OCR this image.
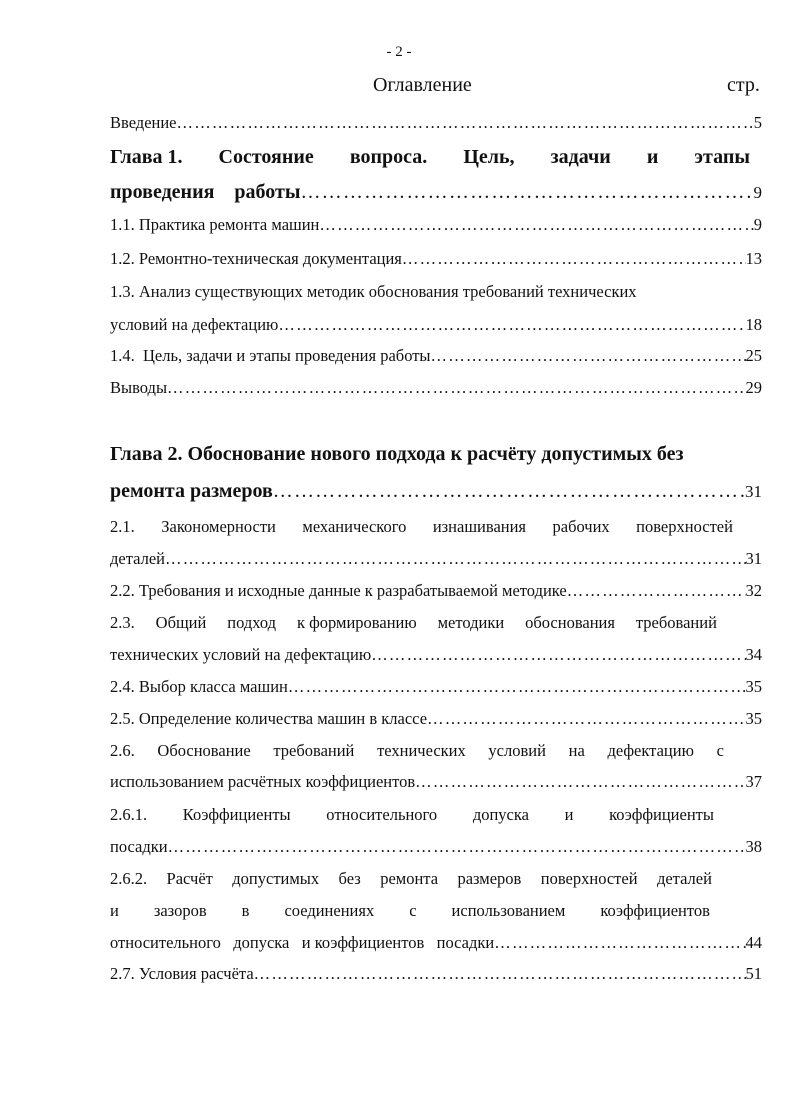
- 2 -
Оглавление	стр.
Введение …………………………………………………………………………………………………………………………………………………………………………	5
Глава 1. Состояние вопроса. Цель, задачи и этапы
проведения    работы …………………………………………………………………………………………………………………………………………………………………………	9
1.1. Практика ремонта машин …………………………………………………………………………………………………………………………………………………………………………	9
1.2. Ремонтно-техническая документация …………………………………………………………………………………………………………………………………………………………………………	13
1.3. Анализ существующих методик обоснования требований технических
условий на дефектацию …………………………………………………………………………………………………………………………………………………………………………	18
1.4.  Цель, задачи и этапы проведения работы …………………………………………………………………………………………………………………………………………………………………………	25
Выводы …………………………………………………………………………………………………………………………………………………………………………	29
Глава 2. Обоснование нового подхода к расчёту допустимых без
ремонта размеров …………………………………………………………………………………………………………………………………………………………………………	31
2.1. Закономерности механического изнашивания рабочих поверхностей
деталей …………………………………………………………………………………………………………………………………………………………………………	31
2.2. Требования и исходные данные к разрабатываемой методике …………………………………………………………………………………………………………………………………………………………………………	32
2.3. Общий подход к формированию методики обоснования требований
технических условий на дефектацию …………………………………………………………………………………………………………………………………………………………………………	34
2.4. Выбор класса машин …………………………………………………………………………………………………………………………………………………………………………	35
2.5. Определение количества машин в классе …………………………………………………………………………………………………………………………………………………………………………	35
2.6. Обоснование требований технических условий на дефектацию с
использованием расчётных коэффициентов …………………………………………………………………………………………………………………………………………………………………………	37
2.6.1. Коэффициенты относительного допуска и коэффициенты
посадки …………………………………………………………………………………………………………………………………………………………………………	38
2.6.2. Расчёт допустимых без ремонта размеров поверхностей деталей
и зазоров в соединениях с использованием коэффициентов
относительного   допуска   и коэффициентов   посадки …………………………………………………………………………………………………………………………………………………………………………	44
2.7. Условия расчёта …………………………………………………………………………………………………………………………………………………………………………	51
